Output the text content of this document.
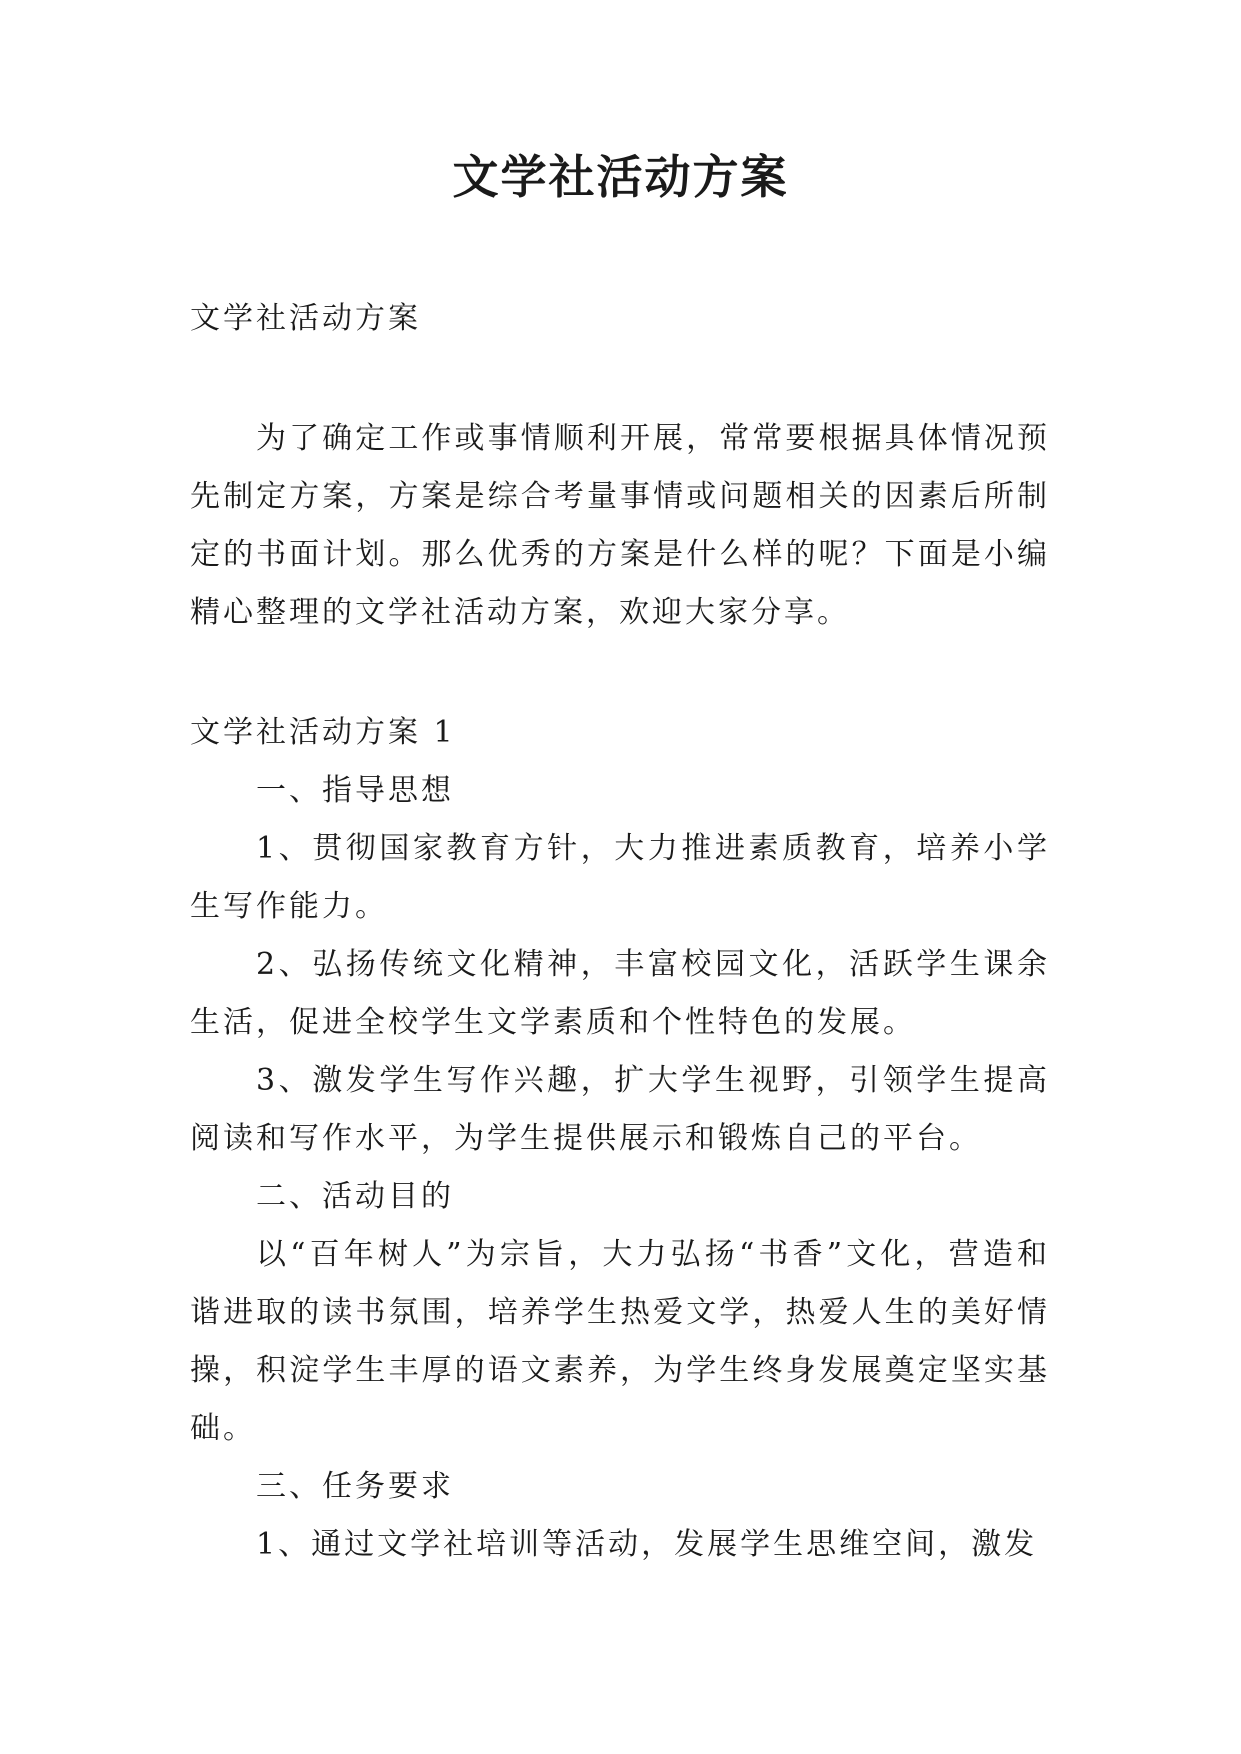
文学社活动方案

文学社活动方案

为了确定工作或事情顺利开展，常常要根据具体情况预先制定方案，方案是综合考量事情或问题相关的因素后所制定的书面计划。那么优秀的方案是什么样的呢？下面是小编精心整理的文学社活动方案，欢迎大家分享。

文学社活动方案 1

一、指导思想

1、贯彻国家教育方针，大力推进素质教育，培养小学生写作能力。

2、弘扬传统文化精神，丰富校园文化，活跃学生课余生活，促进全校学生文学素质和个性特色的发展。

3、激发学生写作兴趣，扩大学生视野，引领学生提高阅读和写作水平，为学生提供展示和锻炼自己的平台。

二、活动目的

以“百年树人”为宗旨，大力弘扬“书香”文化，营造和谐进取的读书氛围，培养学生热爱文学，热爱人生的美好情操，积淀学生丰厚的语文素养，为学生终身发展奠定坚实基础。

三、任务要求

1、通过文学社培训等活动，发展学生思维空间，激发
